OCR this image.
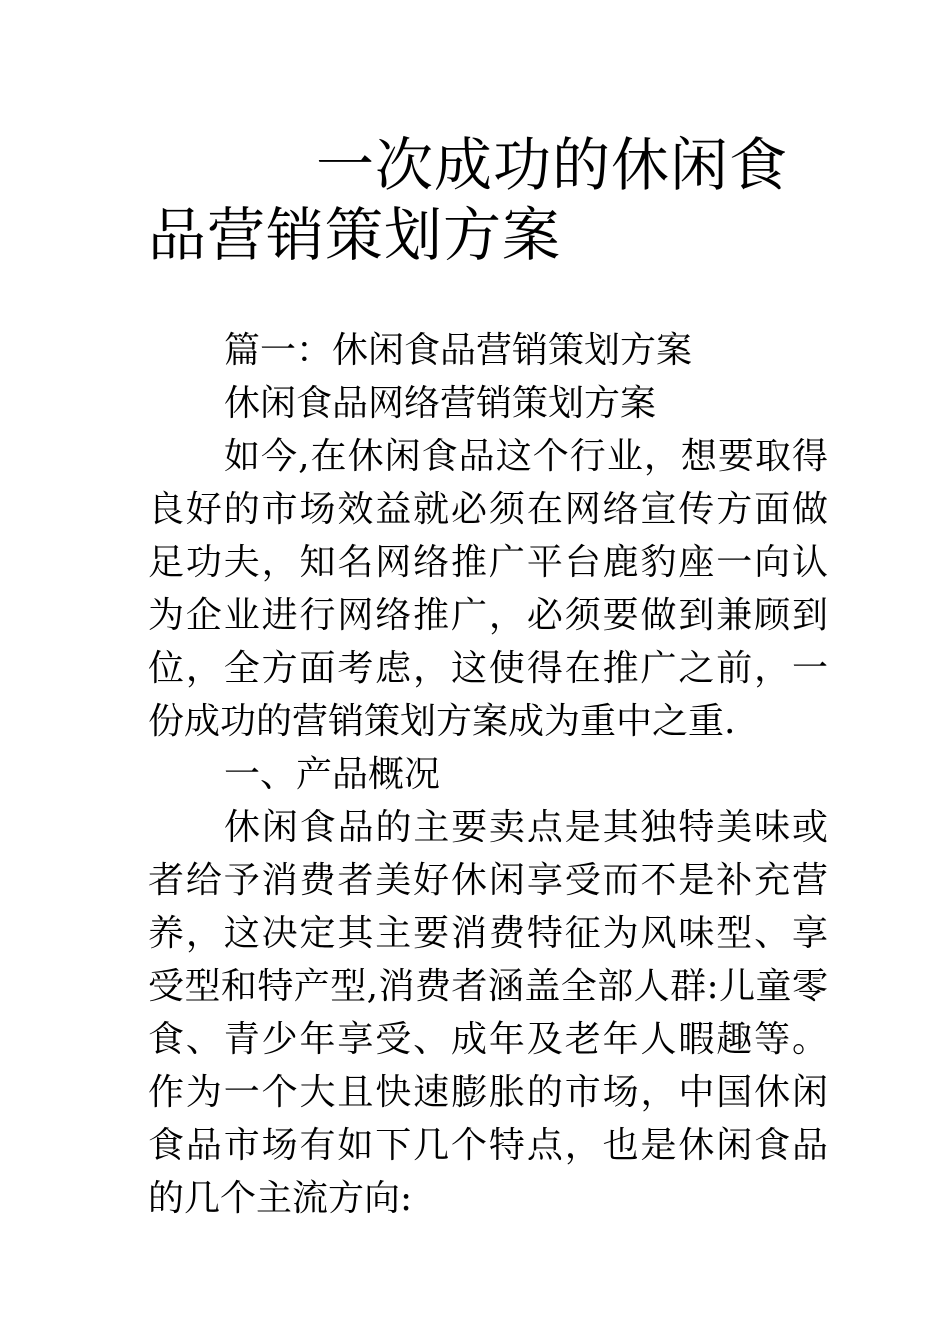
一次成功的休闲食品营销策划方案

篇一：休闲食品营销策划方案

休闲食品网络营销策划方案

如今,在休闲食品这个行业，想要取得良好的市场效益就必须在网络宣传方面做足功夫，知名网络推广平台鹿豹座一向认为企业进行网络推广，必须要做到兼顾到位，全方面考虑，这使得在推广之前，一份成功的营销策划方案成为重中之重.

一、产品概况

休闲食品的主要卖点是其独特美味或者给予消费者美好休闲享受而不是补充营养，这决定其主要消费特征为风味型、享受型和特产型,消费者涵盖全部人群:儿童零食、青少年享受、成年及老年人暇趣等。作为一个大且快速膨胀的市场，中国休闲食品市场有如下几个特点，也是休闲食品的几个主流方向:
